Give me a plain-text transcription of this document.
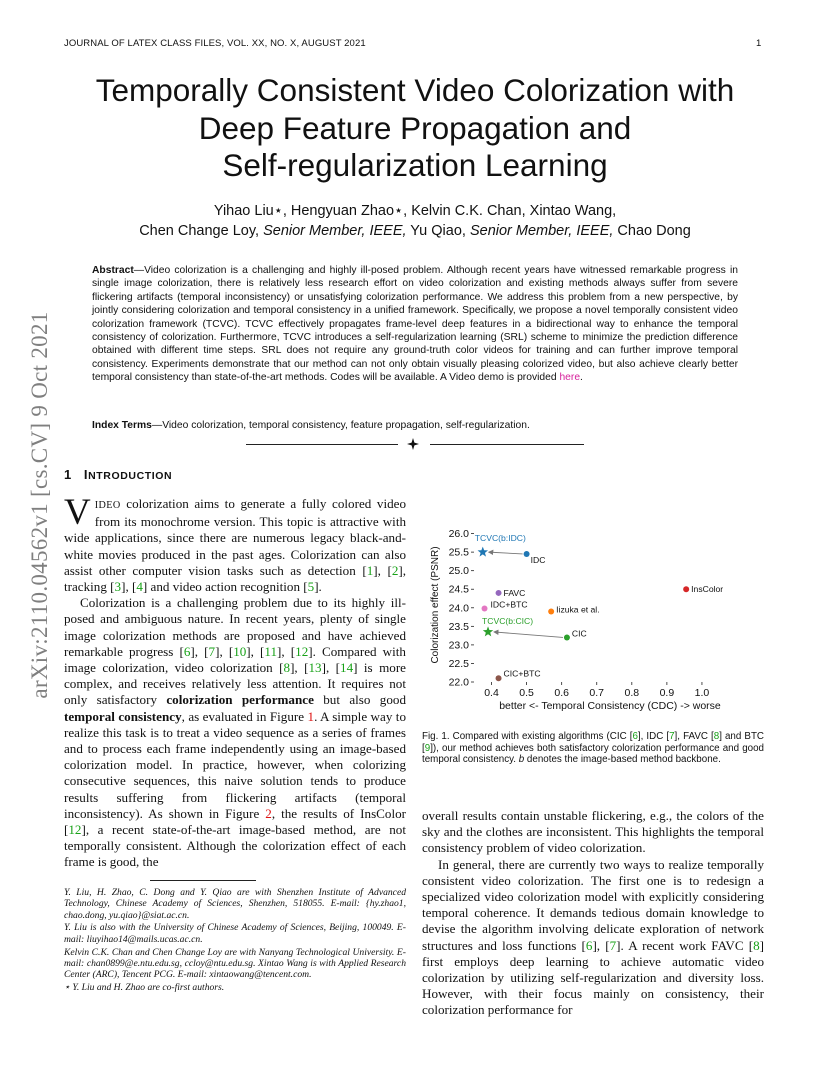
JOURNAL OF LATEX CLASS FILES, VOL. XX, NO. X, AUGUST 2021	1
Temporally Consistent Video Colorization with
Deep Feature Propagation and
Self-regularization Learning
Yihao Liu⋆, Hengyuan Zhao⋆, Kelvin C.K. Chan, Xintao Wang,
Chen Change Loy, Senior Member, IEEE, Yu Qiao, Senior Member, IEEE, Chao Dong
Abstract—Video colorization is a challenging and highly ill-posed problem. Although recent years have witnessed remarkable progress in single image colorization, there is relatively less research effort on video colorization and existing methods always suffer from severe flickering artifacts (temporal inconsistency) or unsatisfying colorization performance. We address this problem from a new perspective, by jointly considering colorization and temporal consistency in a unified framework. Specifically, we propose a novel temporally consistent video colorization framework (TCVC). TCVC effectively propagates frame-level deep features in a bidirectional way to enhance the temporal consistency of colorization. Furthermore, TCVC introduces a self-regularization learning (SRL) scheme to minimize the prediction difference obtained with different time steps. SRL does not require any ground-truth color videos for training and can further improve temporal consistency. Experiments demonstrate that our method can not only obtain visually pleasing colorized video, but also achieve clearly better temporal consistency than state-of-the-art methods. Codes will be available. A Video demo is provided here.
Index Terms—Video colorization, temporal consistency, feature propagation, self-regularization.
arXiv:2110.04562v1 [cs.CV] 9 Oct 2021 1 INTRODUCTION

VIDEO colorization aims to generate a fully colored video from its monochrome version. This topic is attractive with wide applications, since there are numerous legacy black-and-white movies produced in the past ages. Colorization can also assist other computer vision tasks such as detection [1], [2], tracking [3], [4] and video action recognition [5].

Colorization is a challenging problem due to its highly ill-posed and ambiguous nature. In recent years, plenty of single image colorization methods are proposed and have achieved remarkable progress [6], [7], [10], [11], [12]. Compared with image colorization, video colorization [8], [13], [14] is more complex, and receives relatively less attention. It requires not only satisfactory colorization performance but also good temporal consistency, as evaluated in Figure 1. A simple way to realize this task is to treat a video sequence as a series of frames and to process each frame independently using an image-based colorization model. In practice, however, when colorizing consecutive sequences, this naive solution tends to produce results suffering from flickering artifacts (temporal inconsistency). As shown in Figure 2, the results of InsColor [12], a recent state-of-the-art image-based method, are not temporally consistent. Although the colorization effect of each frame is good, the

Y. Liu, H. Zhao, C. Dong and Y. Qiao are with Shenzhen Institute of Advanced Technology, Chinese Academy of Sciences, Shenzhen, 518055. E-mail: {hy.zhao1, chao.dong, yu.qiao}@siat.ac.cn.

Y. Liu is also with the University of Chinese Academy of Sciences, Beijing, 100049. E-mail: liuyihao14@mails.ucas.ac.cn.

Kelvin C.K. Chan and Chen Change Loy are with Nanyang Technological University. E-mail: chan0899@e.ntu.edu.sg, ccloy@ntu.edu.sg. Xintao Wang is with Applied Research Center (ARC), Tencent PCG. E-mail: xintaowang@tencent.com.

⋆ Y. Liu and H. Zhao are co-first authors.

22.0
22.5
23.0
23.5
24.0
24.5
25.0
25.5
26.0
0.4 0.5 0.6 0.7 0.8 0.9 1.0
better <- Temporal Consistency (CDC) -> worse
Colorization effect (PSNR)	IDC
TCVC(b:IDC)
InsColor
FAVC
IDC+BTC	Iizuka et al.
TCVC(b:CIC)
CIC
CIC+BTC
Fig. 1. Compared with existing algorithms (CIC [6], IDC [7], FAVC [8] and BTC [9]), our method achieves both satisfactory colorization performance and good temporal consistency. b denotes the image-based method backbone.

overall results contain unstable flickering, e.g., the colors of the sky and the clothes are inconsistent. This highlights the temporal consistency problem of video colorization.

In general, there are currently two ways to realize temporally consistent video colorization. The first one is to redesign a specialized video colorization model with explicitly considering temporal coherence. It demands tedious domain knowledge to devise the algorithm involving delicate exploration of network structures and loss functions [6], [7]. A recent work FAVC [8] first employs deep learning to achieve automatic video colorization by utilizing self-regularization and diversity loss. However, with their focus mainly on consistency, their colorization performance for
